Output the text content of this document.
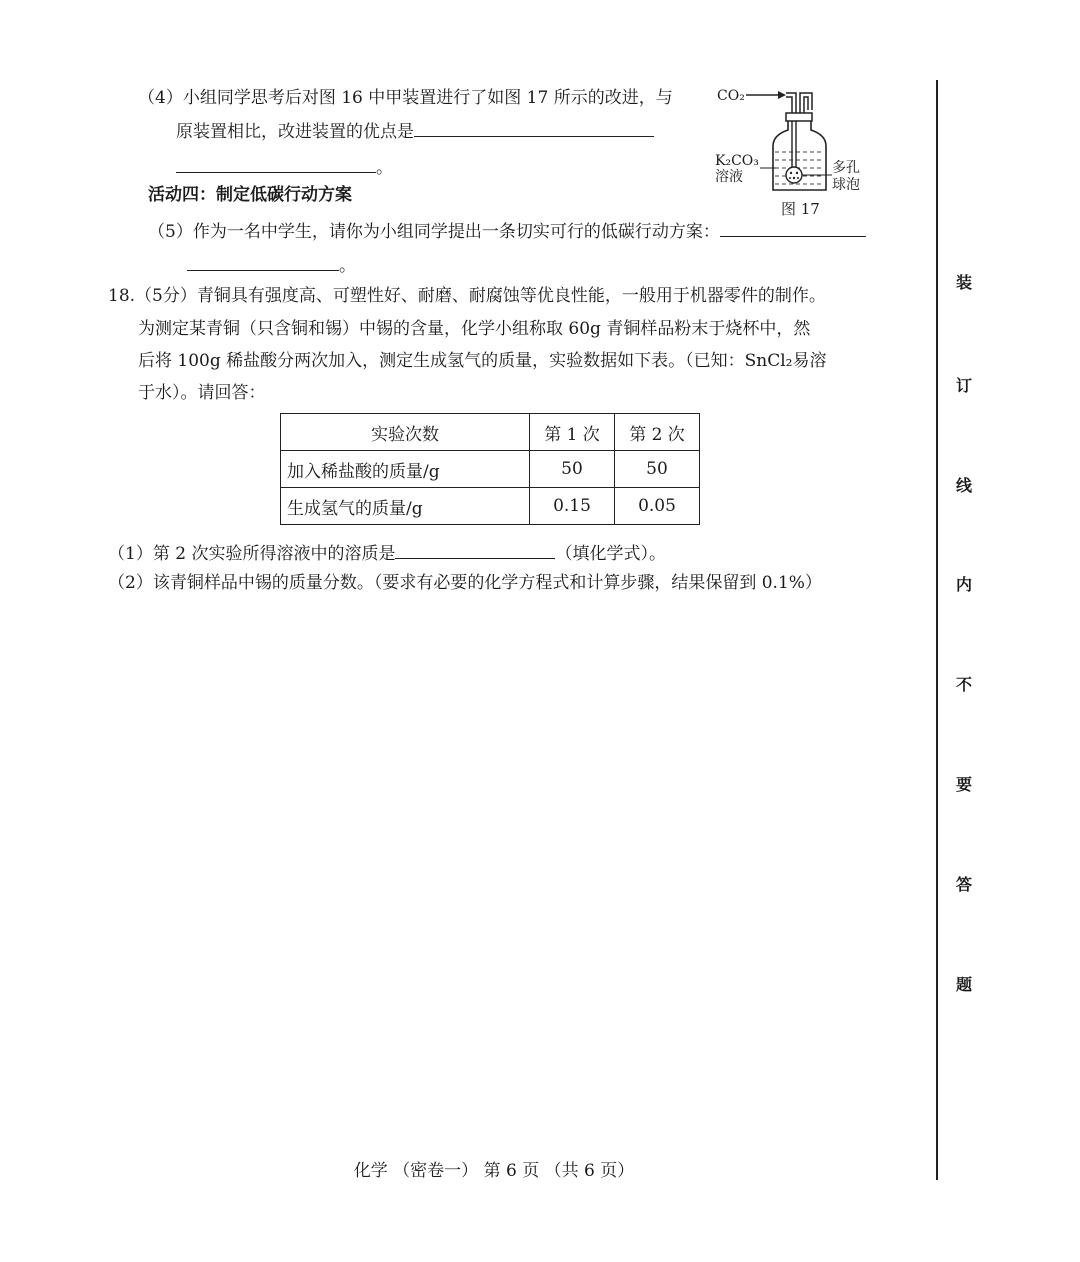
（4）小组同学思考后对图 16 中甲装置进行了如图 17 所示的改进，与
原装置相比，改进装置的优点是
。
活动四：制定低碳行动方案
（5）作为一名中学生，请你为小组同学提出一条切实可行的低碳行动方案：
。
CO₂
K₂CO₃
溶液
多孔
球泡
图 17
18.（5分）青铜具有强度高、可塑性好、耐磨、耐腐蚀等优良性能，一般用于机器零件的制作。
为测定某青铜（只含铜和锡）中锡的含量，化学小组称取 60g 青铜样品粉末于烧杯中，然
后将 100g 稀盐酸分两次加入，测定生成氢气的质量，实验数据如下表。（已知：SnCl₂易溶
于水）。请回答：
实验次数	第 1 次	第 2 次
加入稀盐酸的质量/g	50	50
生成氢气的质量/g	0.15	0.05
（1）第 2 次实验所得溶液中的溶质是	（填化学式）。
（2）该青铜样品中锡的质量分数。（要求有必要的化学方程式和计算步骤，结果保留到 0.1%）
装
订
线
内
不
要
答
题
化学 （密卷一） 第 6 页 （共 6 页）
